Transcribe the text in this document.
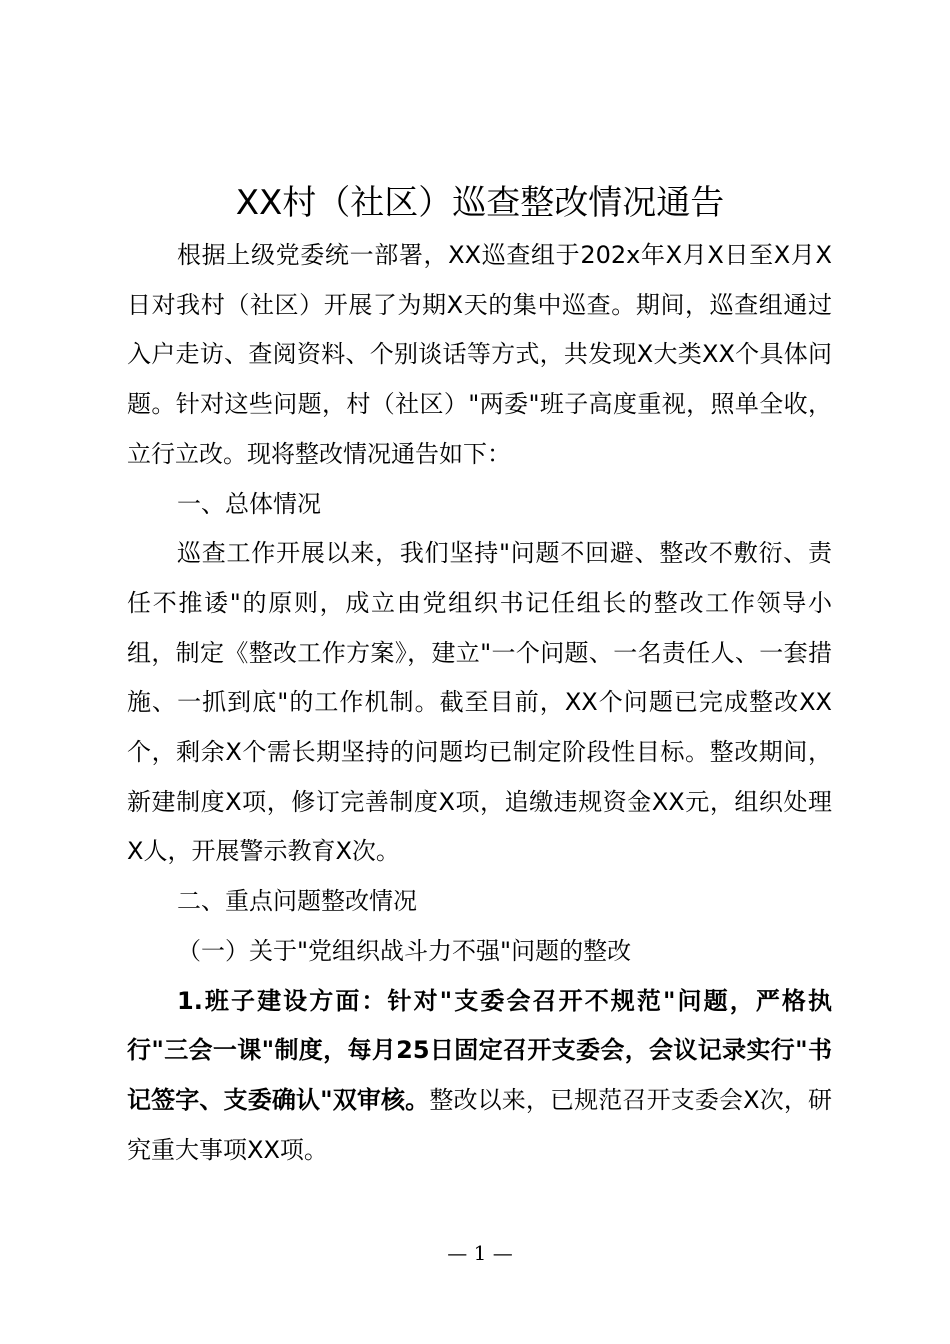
XX村（社区）巡查整改情况通告

根据上级党委统一部署，XX巡查组于202x年X月X日至X月X日对我村（社区）开展了为期X天的集中巡查。期间，巡查组通过入户走访、查阅资料、个别谈话等方式，共发现X大类XX个具体问题。针对这些问题，村（社区）"两委"班子高度重视，照单全收，立行立改。现将整改情况通告如下：

一、总体情况

巡查工作开展以来，我们坚持"问题不回避、整改不敷衍、责任不推诿"的原则，成立由党组织书记任组长的整改工作领导小组，制定《整改工作方案》，建立"一个问题、一名责任人、一套措施、一抓到底"的工作机制。截至目前，XX个问题已完成整改XX个，剩余X个需长期坚持的问题均已制定阶段性目标。整改期间，新建制度X项，修订完善制度X项，追缴违规资金XX元，组织处理X人，开展警示教育X次。

二、重点问题整改情况

（一）关于"党组织战斗力不强"问题的整改

1.班子建设方面：针对"支委会召开不规范"问题，严格执行"三会一课"制度，每月25日固定召开支委会，会议记录实行"书记签字、支委确认"双审核。整改以来，已规范召开支委会X次，研究重大事项XX项。

— 1 —
